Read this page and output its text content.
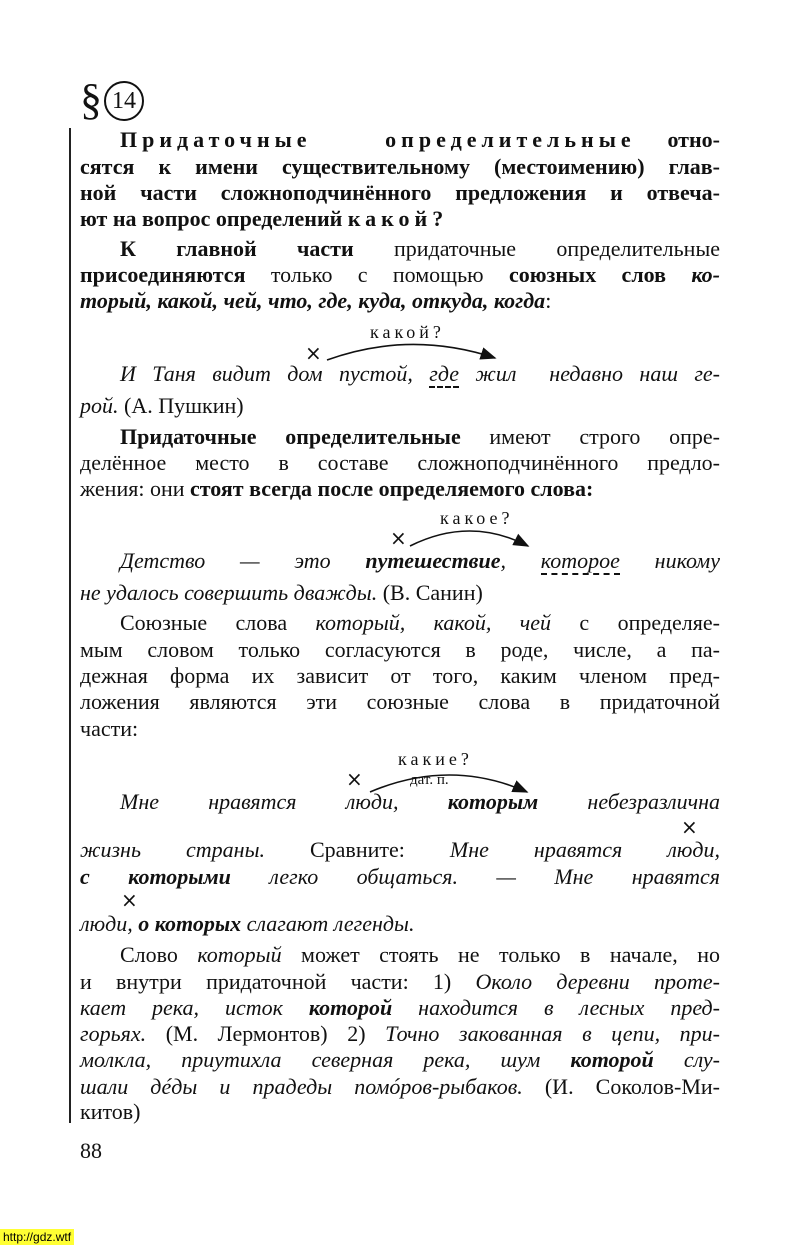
§ 14
Придаточные  определительные отно-
сятся к имени существительному (местоимению) глав-
ной части сложноподчинённого предложения и отвеча-
ют на вопрос определений какой?
К главной части придаточные определительные
присоединяются только с помощью союзных слов ко-
торый, какой, чей, что, где, куда, откуда, когда:
И Таня видит дом пустой, где жил  недавно наш ге-
рой. (А. Пушкин)
Придаточные определительные имеют строго опре-
делённое место в составе сложноподчинённого предло-
жения: они стоят всегда после определяемого слова:
Детство — это путешествие, которое никому
не удалось совершить дважды. (В. Санин)
Союзные слова который, какой, чей с определяе-
мым словом только согласуются в роде, числе, а па-
дежная форма их зависит от того, каким членом пред-
ложения являются эти союзные слова в придаточной
части:
Мне нравятся люди, которым небезразлична
жизнь страны. Сравните: Мне нравятся люди,
с которыми легко общаться. — Мне нравятся
люди, о которых слагают легенды.
Слово который может стоять не только в начале, но
и внутри придаточной части: 1) Около деревни проте-
кает река, исток которой находится в лесных пред-
горьях. (М. Лермонтов) 2) Точно закованная в цепи, при-
молкла, приутихла северная река, шум которой слу-
шали дéды и прадеды помóров-рыбаков. (И. Соколов-Ми-
китов)
какой?
×
какое?
×
какие?
дат. п.
×
×
×
88
http://gdz.wtf
